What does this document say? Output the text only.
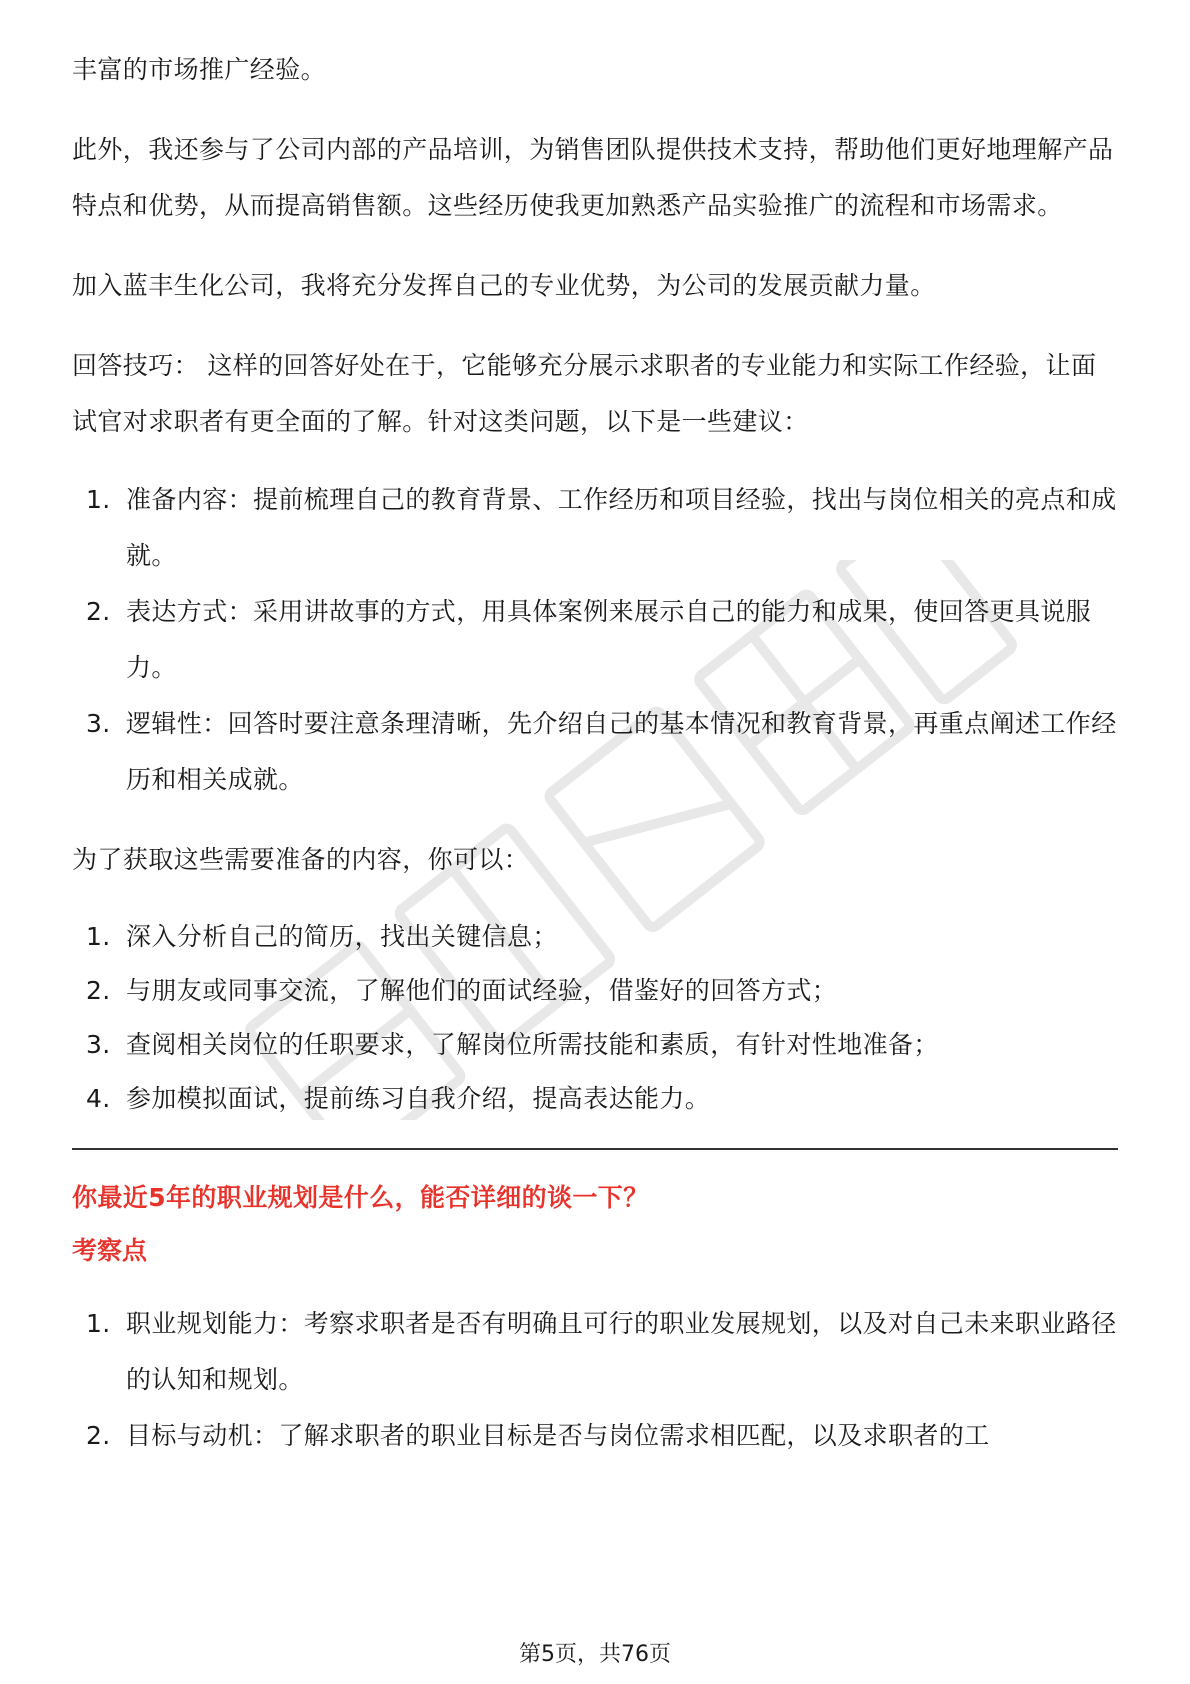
丰富的市场推广经验。

此外，我还参与了公司内部的产品培训，为销售团队提供技术支持，帮助他们更好地理解产品特点和优势，从而提高销售额。这些经历使我更加熟悉产品实验推广的流程和市场需求。

加入蓝丰生化公司，我将充分发挥自己的专业优势，为公司的发展贡献力量。

回答技巧： 这样的回答好处在于，它能够充分展示求职者的专业能力和实际工作经验，让面试官对求职者有更全面的了解。针对这类问题，以下是一些建议：

1. 准备内容：提前梳理自己的教育背景、工作经历和项目经验，找出与岗位相关的亮点和成就。
2. 表达方式：采用讲故事的方式，用具体案例来展示自己的能力和成果，使回答更具说服力。
3. 逻辑性：回答时要注意条理清晰，先介绍自己的基本情况和教育背景，再重点阐述工作经历和相关成就。

为了获取这些需要准备的内容，你可以：

1. 深入分析自己的简历，找出关键信息；
2. 与朋友或同事交流，了解他们的面试经验，借鉴好的回答方式；
3. 查阅相关岗位的任职要求，了解岗位所需技能和素质，有针对性地准备；
4. 参加模拟面试，提前练习自我介绍，提高表达能力。
你最近5年的职业规划是什么，能否详细的谈一下？
考察点
1. 职业规划能力：考察求职者是否有明确且可行的职业发展规划，以及对自己未来职业路径的认知和规划。
2. 目标与动机：了解求职者的职业目标是否与岗位需求相匹配，以及求职者的工
第5页，共76页
